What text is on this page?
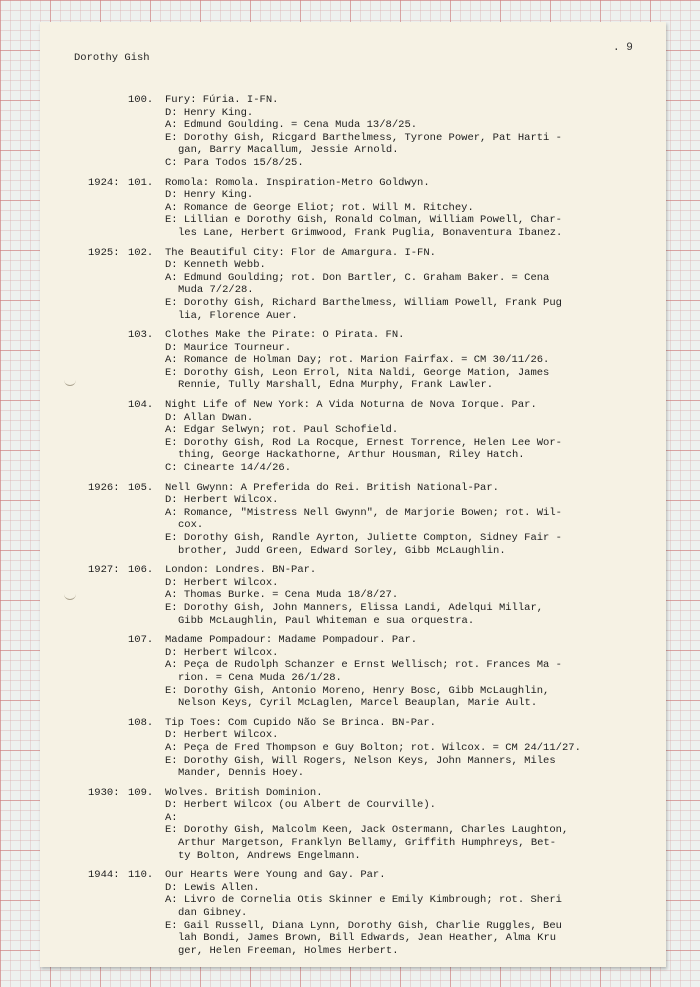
Dorothy Gish
. 9
100.	Fury: Fúria. I-FN.
D: Henry King.
A: Edmund Goulding. = Cena Muda 13/8/25.
E: Dorothy Gish, Ricgard Barthelmess, Tyrone Power, Pat Harti -
gan, Barry Macallum, Jessie Arnold.
C: Para Todos 15/8/25.
1924: 101.	Romola: Romola. Inspiration-Metro Goldwyn.
D: Henry King.
A: Romance de George Eliot; rot. Will M. Ritchey.
E: Lillian e Dorothy Gish, Ronald Colman, William Powell, Char-
les Lane, Herbert Grimwood, Frank Puglia, Bonaventura Ibanez.
1925: 102.	The Beautiful City: Flor de Amargura. I-FN.
D: Kenneth Webb.
A: Edmund Goulding; rot. Don Bartler, C. Graham Baker. = Cena
Muda 7/2/28.
E: Dorothy Gish, Richard Barthelmess, William Powell, Frank Pug
lia, Florence Auer.
103.	Clothes Make the Pirate: O Pirata. FN.
D: Maurice Tourneur.
A: Romance de Holman Day; rot. Marion Fairfax. = CM 30/11/26.
E: Dorothy Gish, Leon Errol, Nita Naldi, George Mation, James
Rennie, Tully Marshall, Edna Murphy, Frank Lawler.
104.	Night Life of New York: A Vida Noturna de Nova Iorque. Par.
D: Allan Dwan.
A: Edgar Selwyn; rot. Paul Schofield.
E: Dorothy Gish, Rod La Rocque, Ernest Torrence, Helen Lee Wor-
thing, George Hackathorne, Arthur Housman, Riley Hatch.
C: Cinearte 14/4/26.
1926: 105.	Nell Gwynn: A Preferida do Rei. British National-Par.
D: Herbert Wilcox.
A: Romance, "Mistress Nell Gwynn", de Marjorie Bowen; rot. Wil-
cox.
E: Dorothy Gish, Randle Ayrton, Juliette Compton, Sidney Fair -
brother, Judd Green, Edward Sorley, Gibb McLaughlin.
1927: 106.	London: Londres. BN-Par.
D: Herbert Wilcox.
A: Thomas Burke. = Cena Muda 18/8/27.
E: Dorothy Gish, John Manners, Elissa Landi, Adelqui Millar,
Gibb McLaughlin, Paul Whiteman e sua orquestra.
107.	Madame Pompadour: Madame Pompadour. Par.
D: Herbert Wilcox.
A: Peça de Rudolph Schanzer e Ernst Wellisch; rot. Frances Ma -
rion. = Cena Muda 26/1/28.
E: Dorothy Gish, Antonio Moreno, Henry Bosc, Gibb McLaughlin,
Nelson Keys, Cyril McLaglen, Marcel Beauplan, Marie Ault.
108.	Tip Toes: Com Cupido Não Se Brinca. BN-Par.
D: Herbert Wilcox.
A: Peça de Fred Thompson e Guy Bolton; rot. Wilcox. = CM 24/11/27.
E: Dorothy Gish, Will Rogers, Nelson Keys, John Manners, Miles
Mander, Dennis Hoey.
1930: 109.	Wolves. British Dominion.
D: Herbert Wilcox (ou Albert de Courville).
A:
E: Dorothy Gish, Malcolm Keen, Jack Ostermann, Charles Laughton,
Arthur Margetson, Franklyn Bellamy, Griffith Humphreys, Bet-
ty Bolton, Andrews Engelmann.
1944: 110.	Our Hearts Were Young and Gay. Par.
D: Lewis Allen.
A: Livro de Cornelia Otis Skinner e Emily Kimbrough; rot. Sheri
dan Gibney.
E: Gail Russell, Diana Lynn, Dorothy Gish, Charlie Ruggles, Beu
lah Bondi, James Brown, Bill Edwards, Jean Heather, Alma Kru
ger, Helen Freeman, Holmes Herbert.
